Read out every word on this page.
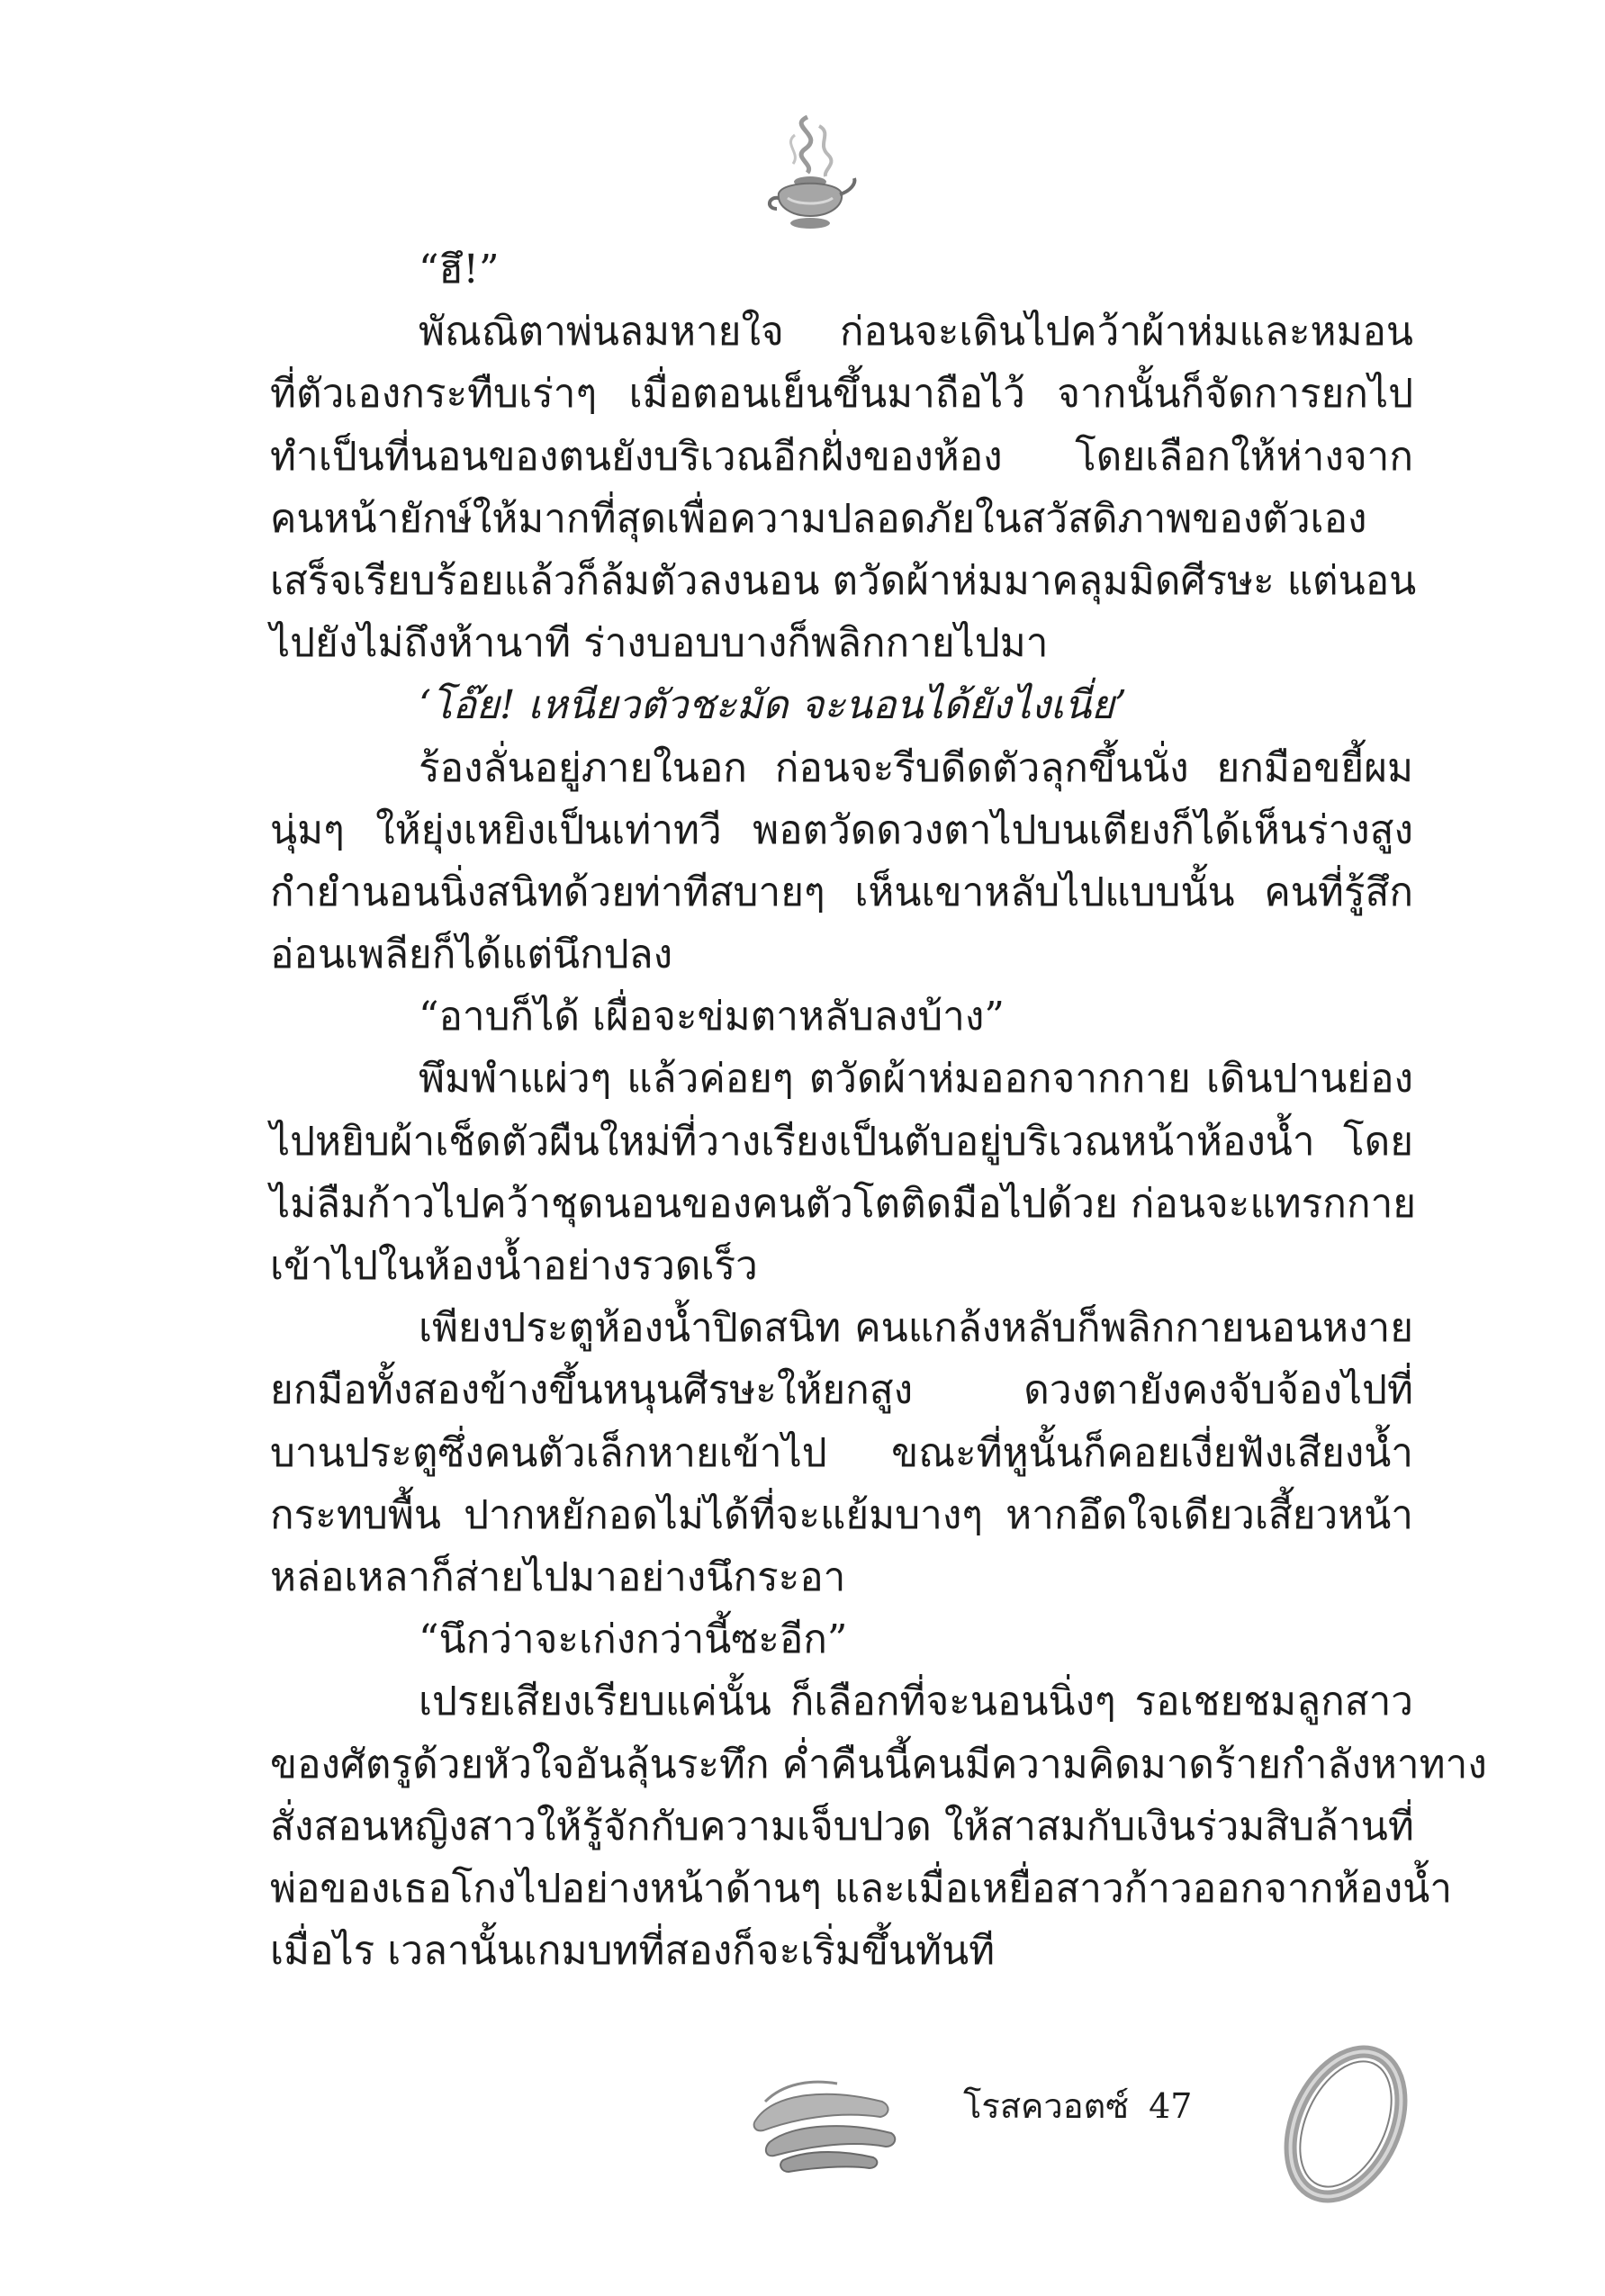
“ฮึ!”
พัณณิตาพ่นลมหายใจ ก่อนจะเดินไปคว้าผ้าห่มและหมอน
ที่ตัวเองกระทืบเร่าๆ เมื่อตอนเย็นขึ้นมาถือไว้ จากนั้นก็จัดการยกไป
ทำเป็นที่นอนของตนยังบริเวณอีกฝั่งของห้อง โดยเลือกให้ห่างจาก
คนหน้ายักษ์ให้มากที่สุดเพื่อความปลอดภัยในสวัสดิภาพของตัวเอง
เสร็จเรียบร้อยแล้วก็ล้มตัวลงนอน ตวัดผ้าห่มมาคลุมมิดศีรษะ แต่นอน
ไปยังไม่ถึงห้านาที ร่างบอบบางก็พลิกกายไปมา
‘โอ๊ย! เหนียวตัวชะมัด จะนอนได้ยังไงเนี่ย’
ร้องลั่นอยู่ภายในอก ก่อนจะรีบดีดตัวลุกขึ้นนั่ง ยกมือขยี้ผม
นุ่มๆ ให้ยุ่งเหยิงเป็นเท่าทวี พอตวัดดวงตาไปบนเตียงก็ได้เห็นร่างสูง
กำยำนอนนิ่งสนิทด้วยท่าทีสบายๆ เห็นเขาหลับไปแบบนั้น คนที่รู้สึก
อ่อนเพลียก็ได้แต่นึกปลง
“อาบก็ได้ เผื่อจะข่มตาหลับลงบ้าง”
พึมพำแผ่วๆ แล้วค่อยๆ ตวัดผ้าห่มออกจากกาย เดินปานย่อง
ไปหยิบผ้าเช็ดตัวผืนใหม่ที่วางเรียงเป็นตับอยู่บริเวณหน้าห้องน้ำ โดย
ไม่ลืมก้าวไปคว้าชุดนอนของคนตัวโตติดมือไปด้วย ก่อนจะแทรกกาย
เข้าไปในห้องน้ำอย่างรวดเร็ว
เพียงประตูห้องน้ำปิดสนิท คนแกล้งหลับก็พลิกกายนอนหงาย
ยกมือทั้งสองข้างขึ้นหนุนศีรษะให้ยกสูง ดวงตายังคงจับจ้องไปที่
บานประตูซึ่งคนตัวเล็กหายเข้าไป ขณะที่หูนั้นก็คอยเงี่ยฟังเสียงน้ำ
กระทบพื้น ปากหยักอดไม่ได้ที่จะแย้มบางๆ หากอึดใจเดียวเสี้ยวหน้า
หล่อเหลาก็ส่ายไปมาอย่างนึกระอา
“นึกว่าจะเก่งกว่านี้ซะอีก”
เปรยเสียงเรียบแค่นั้น ก็เลือกที่จะนอนนิ่งๆ รอเชยชมลูกสาว
ของศัตรูด้วยหัวใจอันลุ้นระทึก ค่ำคืนนี้คนมีความคิดมาดร้ายกำลังหาทาง
สั่งสอนหญิงสาวให้รู้จักกับความเจ็บปวด ให้สาสมกับเงินร่วมสิบล้านที่
พ่อของเธอโกงไปอย่างหน้าด้านๆ และเมื่อเหยื่อสาวก้าวออกจากห้องน้ำ
เมื่อไร เวลานั้นเกมบทที่สองก็จะเริ่มขึ้นทันที
โรสควอตซ์ 47
